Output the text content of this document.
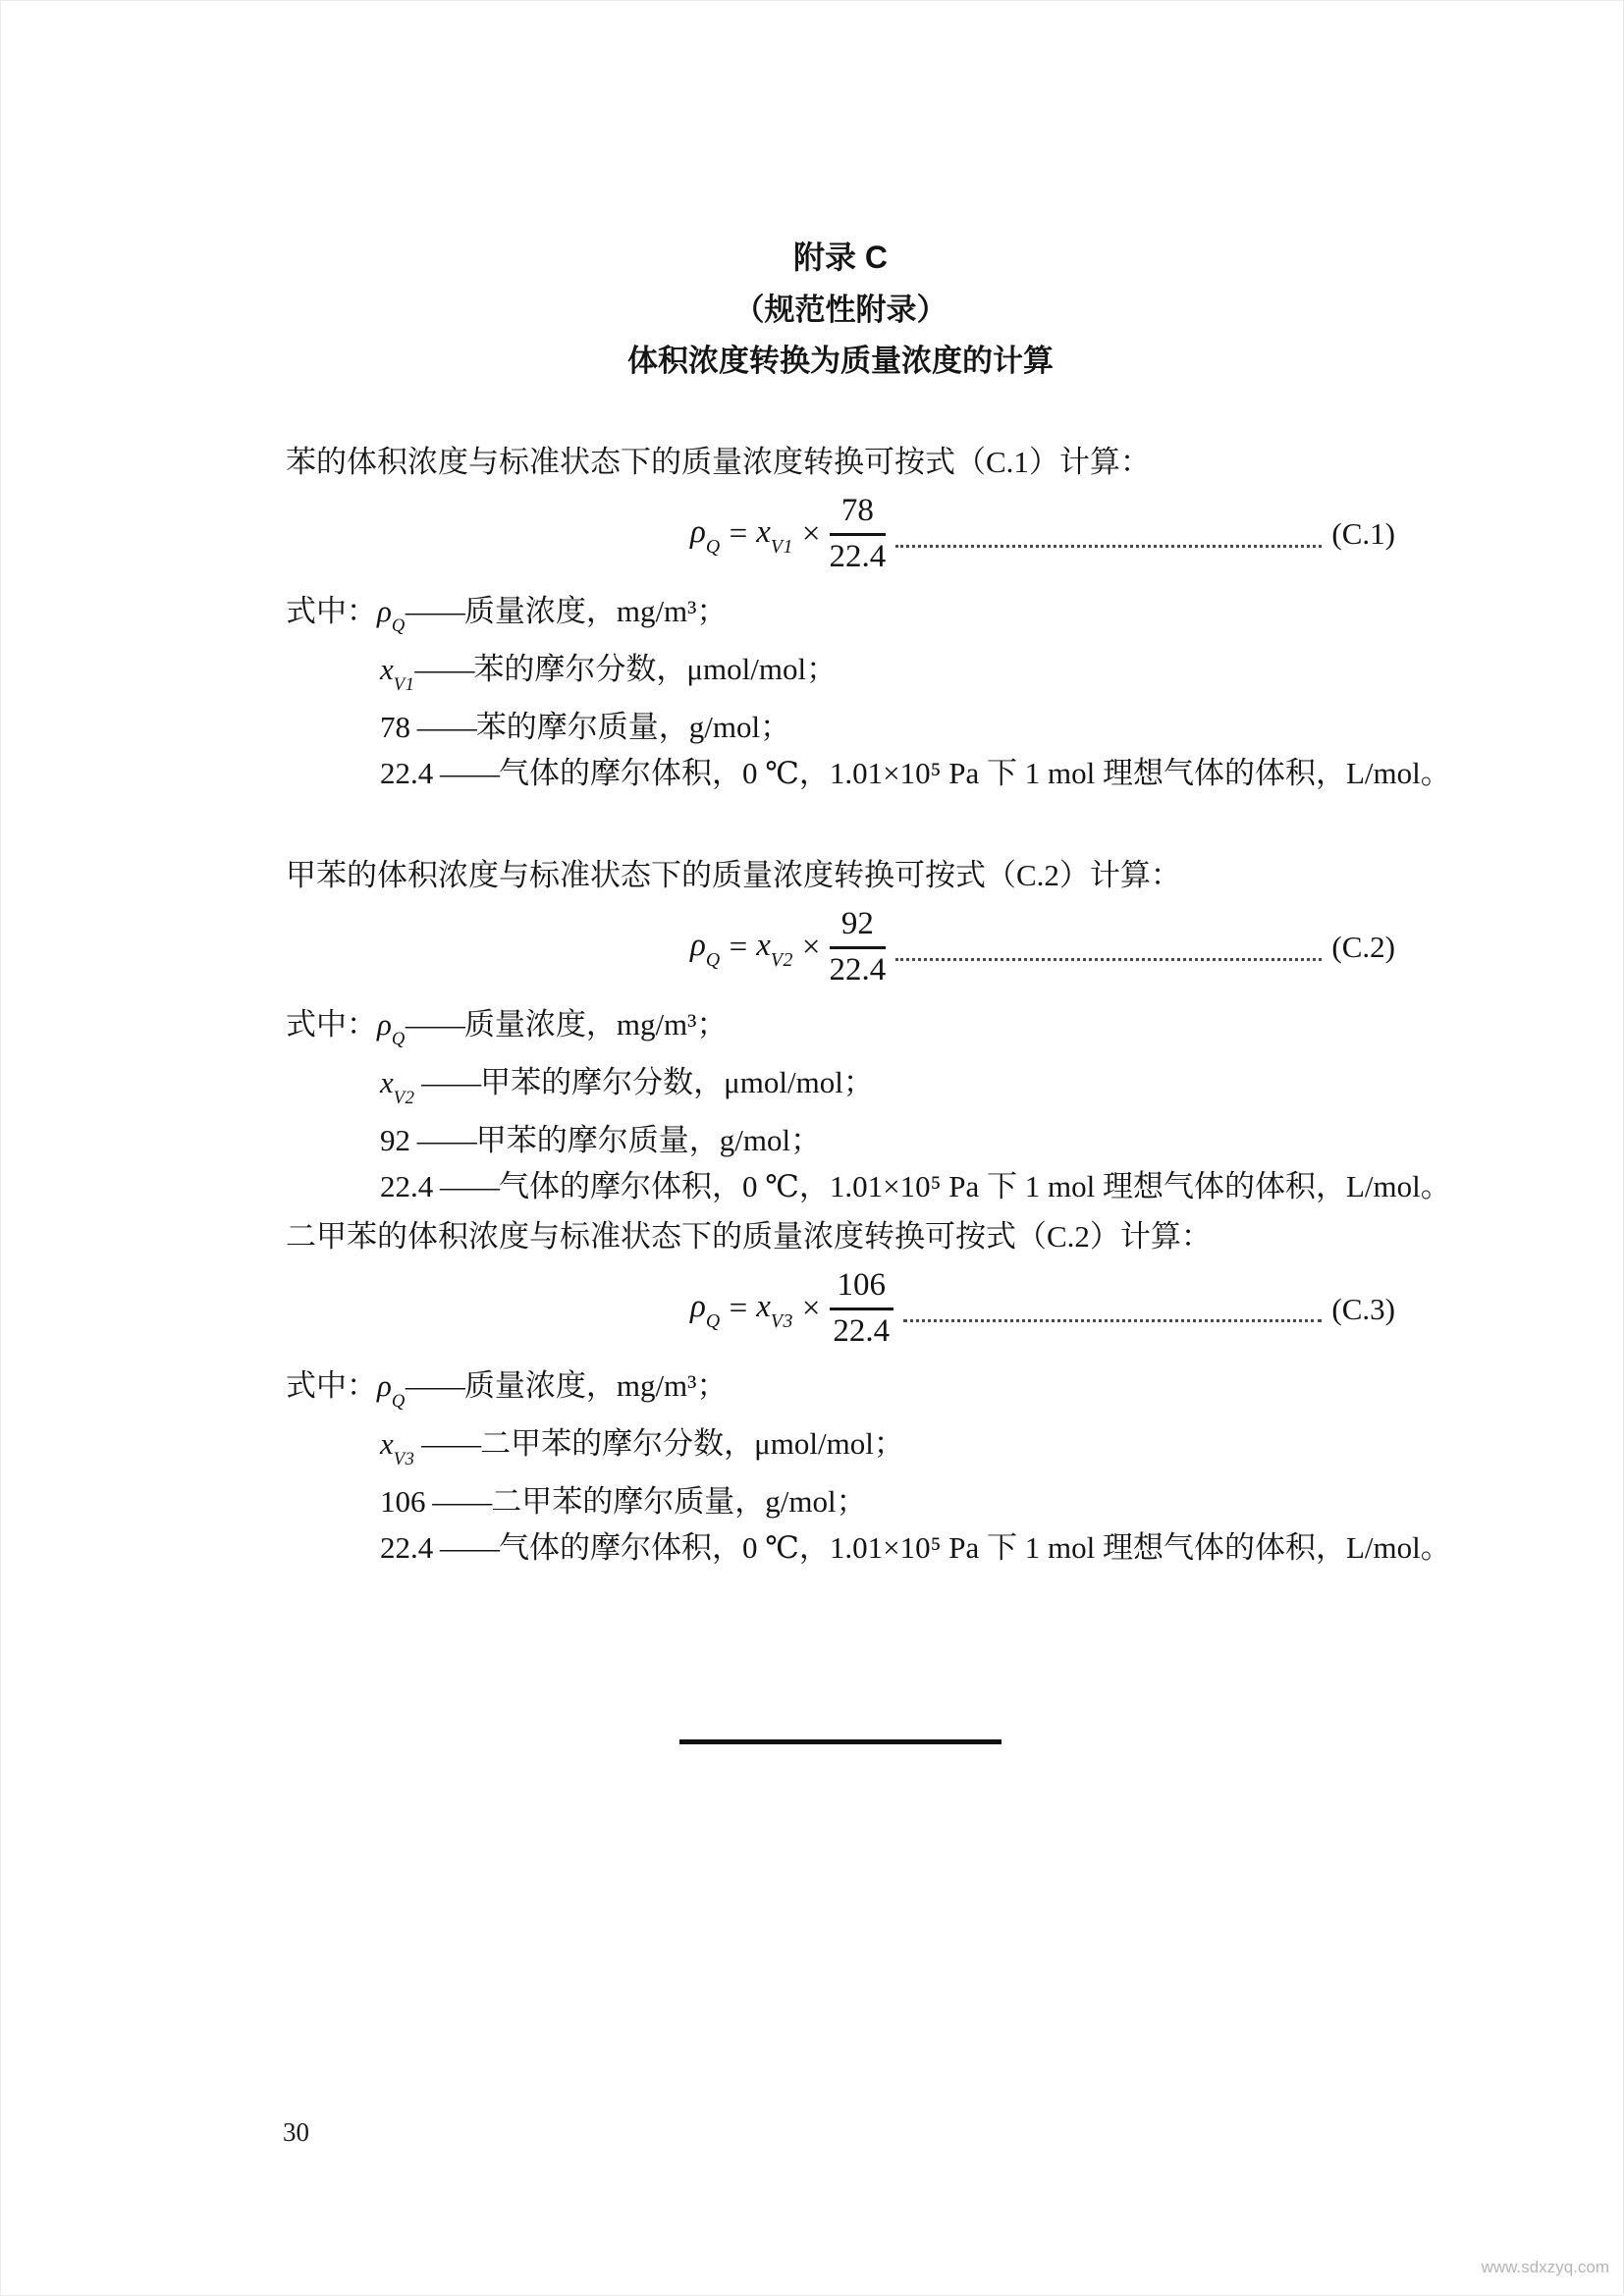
附录 C
（规范性附录）
体积浓度转换为质量浓度的计算

苯的体积浓度与标准状态下的质量浓度转换可按式（C.1）计算：

$\rho_Q = x_{V1} \times \frac{78}{22.4}$	(C.1)
式中：$\rho_Q——$质量浓度，mg/m³；
$x_{V1}——$苯的摩尔分数，μmol/mol；
78 ——苯的摩尔质量，g/mol；
22.4 ——气体的摩尔体积，0 ℃，1.01×10⁵ Pa 下 1 mol 理想气体的体积，L/mol。

甲苯的体积浓度与标准状态下的质量浓度转换可按式（C.2）计算：

$\rho_Q = x_{V2} \times \frac{92}{22.4}$	(C.2)
式中：$\rho_Q——$质量浓度，mg/m³；
$x_{V2}$ ——甲苯的摩尔分数，μmol/mol；
92 ——甲苯的摩尔质量，g/mol；
22.4 ——气体的摩尔体积，0 ℃，1.01×10⁵ Pa 下 1 mol 理想气体的体积，L/mol。

二甲苯的体积浓度与标准状态下的质量浓度转换可按式（C.2）计算：

$\rho_Q = x_{V3} \times \frac{106}{22.4}$	(C.3)
式中：$\rho_Q——$质量浓度，mg/m³；
$x_{V3}$ ——二甲苯的摩尔分数，μmol/mol；
106 ——二甲苯的摩尔质量，g/mol；
22.4 ——气体的摩尔体积，0 ℃，1.01×10⁵ Pa 下 1 mol 理想气体的体积，L/mol。
30
www.sdxzyq.com
